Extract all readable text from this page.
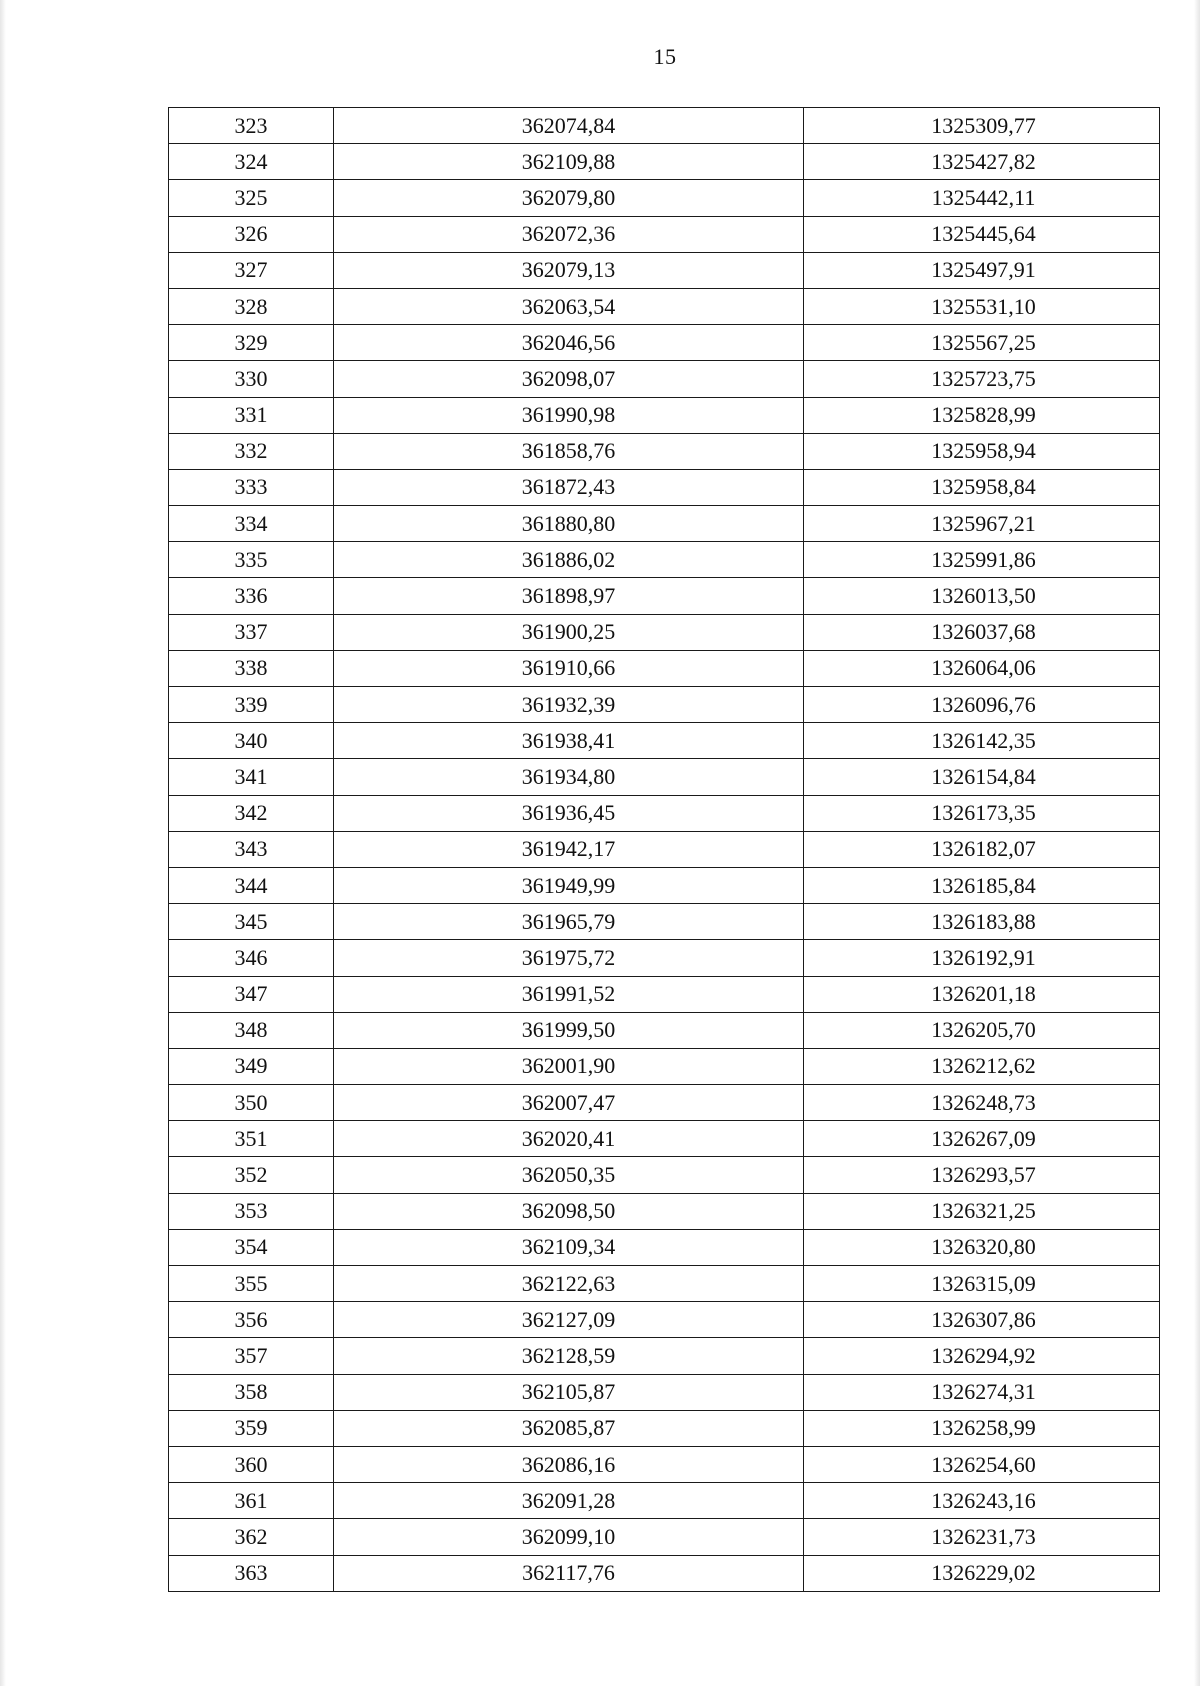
15
323	362074,84	1325309,77
324	362109,88	1325427,82
325	362079,80	1325442,11
326	362072,36	1325445,64
327	362079,13	1325497,91
328	362063,54	1325531,10
329	362046,56	1325567,25
330	362098,07	1325723,75
331	361990,98	1325828,99
332	361858,76	1325958,94
333	361872,43	1325958,84
334	361880,80	1325967,21
335	361886,02	1325991,86
336	361898,97	1326013,50
337	361900,25	1326037,68
338	361910,66	1326064,06
339	361932,39	1326096,76
340	361938,41	1326142,35
341	361934,80	1326154,84
342	361936,45	1326173,35
343	361942,17	1326182,07
344	361949,99	1326185,84
345	361965,79	1326183,88
346	361975,72	1326192,91
347	361991,52	1326201,18
348	361999,50	1326205,70
349	362001,90	1326212,62
350	362007,47	1326248,73
351	362020,41	1326267,09
352	362050,35	1326293,57
353	362098,50	1326321,25
354	362109,34	1326320,80
355	362122,63	1326315,09
356	362127,09	1326307,86
357	362128,59	1326294,92
358	362105,87	1326274,31
359	362085,87	1326258,99
360	362086,16	1326254,60
361	362091,28	1326243,16
362	362099,10	1326231,73
363	362117,76	1326229,02
